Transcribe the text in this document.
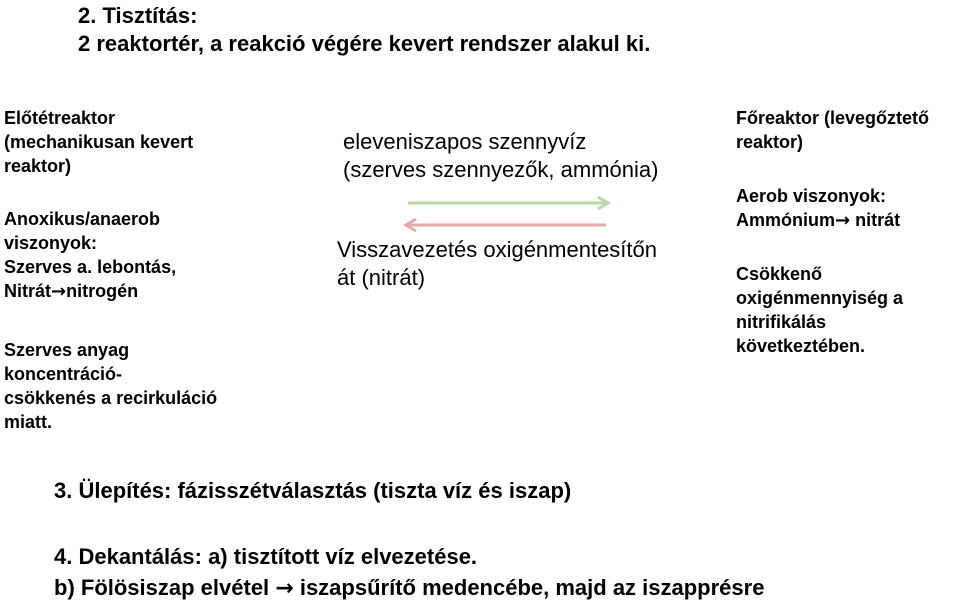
2. Tisztítás:
2 reaktortér, a reakció végére kevert rendszer alakul ki.
Előtétreaktor
(mechanikusan kevert
reaktor)
Anoxikus/anaerob
viszonyok:
Szerves a. lebontás,
Nitrát→nitrogén
Szerves anyag
koncentráció-
csökkenés a recirkuláció
miatt.
eleveniszapos szennyvíz
(szerves szennyezők, ammónia)
Visszavezetés oxigénmentesítőn
át (nitrát)
Főreaktor (levegőztető
reaktor)
Aerob viszonyok:
Ammónium→ nitrát
Csökkenő
oxigénmennyiség a
nitrifikálás
következtében.
3. Ülepítés: fázisszétválasztás (tiszta víz és iszap)
4. Dekantálás: a) tisztított víz elvezetése.
b) Fölösiszap elvétel → iszapsűrítő medencébe, majd az iszapprésre
